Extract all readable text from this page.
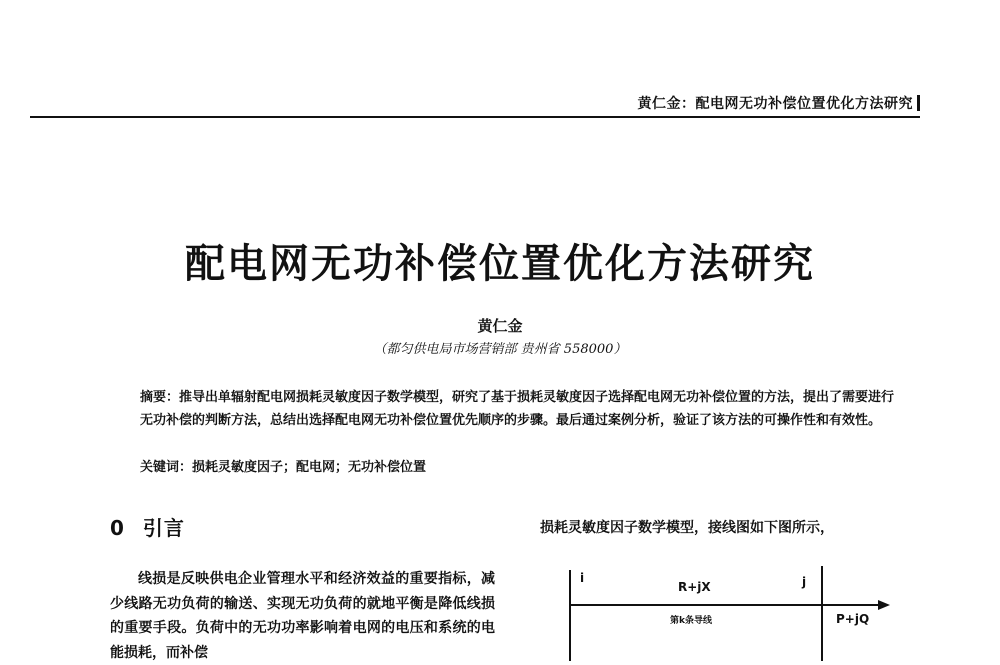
黄仁金：配电网无功补偿位置优化方法研究
配电网无功补偿位置优化方法研究
黄仁金
（都匀供电局市场营销部 贵州省 558000）
摘要：推导出单辐射配电网损耗灵敏度因子数学模型，研究了基于损耗灵敏度因子选择配电网无功补偿位置的方法，提出了需要进行无功补偿的判断方法，总结出选择配电网无功补偿位置优先顺序的步骤。最后通过案例分析，验证了该方法的可操作性和有效性。
关键词：损耗灵敏度因子；配电网；无功补偿位置
0 引言
线损是反映供电企业管理水平和经济效益的重要指标，减少线路无功负荷的输送、实现无功负荷的就地平衡是降低线损的重要手段。负荷中的无功功率影响着电网的电压和系统的电能损耗，而补偿
损耗灵敏度因子数学模型，接线图如下图所示，
i	j
R+jX
第k条导线	P+jQ
